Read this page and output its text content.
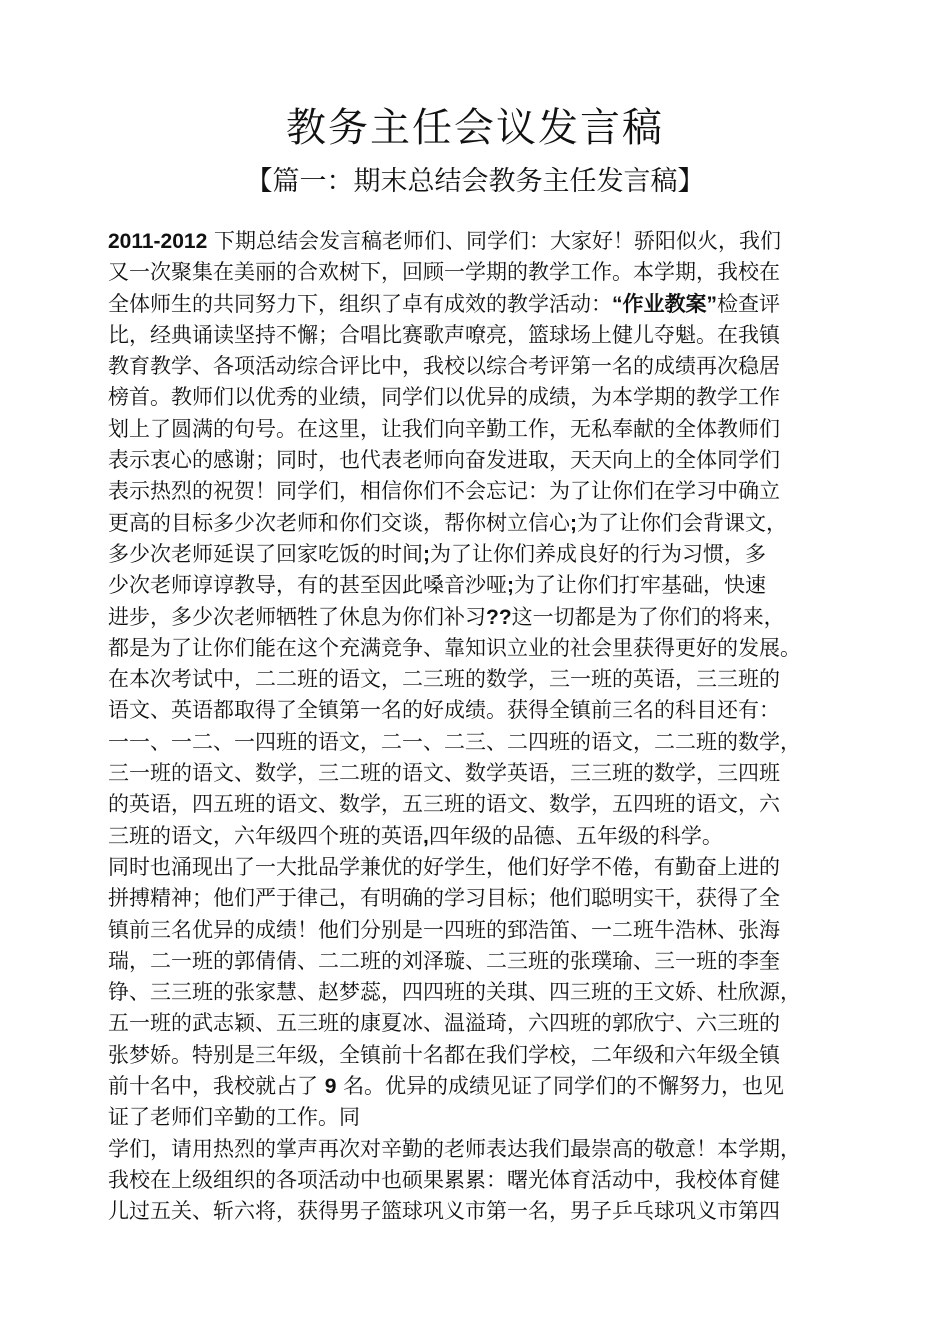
教务主任会议发言稿
【篇一：期末总结会教务主任发言稿】
2011-2012 下期总结会发言稿老师们、同学们：大家好！骄阳似火，我们
又一次聚集在美丽的合欢树下，回顾一学期的教学工作。本学期，我校在
全体师生的共同努力下，组织了卓有成效的教学活动：“作业教案”检查评
比，经典诵读坚持不懈；合唱比赛歌声嘹亮，篮球场上健儿夺魁。在我镇
教育教学、各项活动综合评比中，我校以综合考评第一名的成绩再次稳居
榜首。教师们以优秀的业绩，同学们以优异的成绩，为本学期的教学工作
划上了圆满的句号。在这里，让我们向辛勤工作，无私奉献的全体教师们
表示衷心的感谢；同时，也代表老师向奋发进取，天天向上的全体同学们
表示热烈的祝贺！同学们，相信你们不会忘记：为了让你们在学习中确立
更高的目标多少次老师和你们交谈，帮你树立信心;为了让你们会背课文，
多少次老师延误了回家吃饭的时间;为了让你们养成良好的行为习惯，多
少次老师谆谆教导，有的甚至因此嗓音沙哑;为了让你们打牢基础，快速
进步，多少次老师牺牲了休息为你们补习??这一切都是为了你们的将来，
都是为了让你们能在这个充满竞争、靠知识立业的社会里获得更好的发展。
在本次考试中，二二班的语文，二三班的数学，三一班的英语，三三班的
语文、英语都取得了全镇第一名的好成绩。获得全镇前三名的科目还有：
一一、一二、一四班的语文，二一、二三、二四班的语文，二二班的数学，
三一班的语文、数学，三二班的语文、数学英语，三三班的数学，三四班
的英语，四五班的语文、数学，五三班的语文、数学，五四班的语文，六
三班的语文，六年级四个班的英语,四年级的品德、五年级的科学。
同时也涌现出了一大批品学兼优的好学生，他们好学不倦，有勤奋上进的
拼搏精神；他们严于律己，有明确的学习目标；他们聪明实干，获得了全
镇前三名优异的成绩！他们分别是一四班的郅浩笛、一二班牛浩林、张海
瑞，二一班的郭倩倩、二二班的刘泽璇、二三班的张璞瑜、三一班的李奎
铮、三三班的张家慧、赵梦蕊，四四班的关琪、四三班的王文娇、杜欣源，
五一班的武志颖、五三班的康夏冰、温溢琦，六四班的郭欣宁、六三班的
张梦娇。特别是三年级，全镇前十名都在我们学校，二年级和六年级全镇
前十名中，我校就占了 9 名。优异的成绩见证了同学们的不懈努力，也见
证了老师们辛勤的工作。同
学们，请用热烈的掌声再次对辛勤的老师表达我们最崇高的敬意！本学期，
我校在上级组织的各项活动中也硕果累累：曙光体育活动中，我校体育健
儿过五关、斩六将，获得男子篮球巩义市第一名，男子乒乓球巩义市第四
